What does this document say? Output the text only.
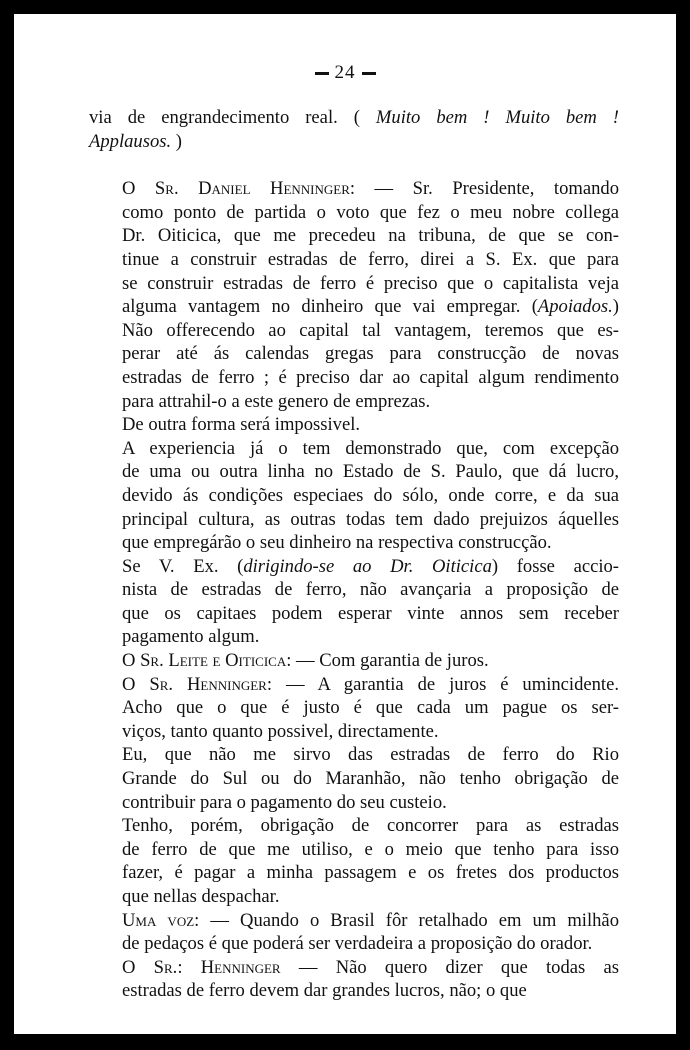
24

via de engrandecimento real. ( Muito bem ! Muito bem !
Applausos. )

O Sr. Daniel Henninger: — Sr. Presidente, tomando
como ponto de partida o voto que fez o meu nobre collega
Dr. Oiticica, que me precedeu na tribuna, de que se con-
tinue a construir estradas de ferro, direi a S. Ex. que para
se construir estradas de ferro é preciso que o capitalista veja
alguma vantagem no dinheiro que vai empregar. (Apoiados.)
Não offerecendo ao capital tal vantagem, teremos que es-
perar até ás calendas gregas para construcção de novas
estradas de ferro ; é preciso dar ao capital algum rendimento
para attrahil-o a este genero de emprezas.

De outra forma será impossivel.

A experiencia já o tem demonstrado que, com excepção
de uma ou outra linha no Estado de S. Paulo, que dá lucro,
devido ás condições especiaes do sólo, onde corre, e da sua
principal cultura, as outras todas tem dado prejuizos áquelles
que empregárão o seu dinheiro na respectiva construcção.

Se V. Ex. (dirigindo-se ao Dr. Oiticica) fosse accio-
nista de estradas de ferro, não avançaria a proposição de
que os capitaes podem esperar vinte annos sem receber
pagamento algum.

O Sr. Leite e Oiticica: — Com garantia de juros.

O Sr. Henninger: — A garantia de juros é umincidente.
Acho que o que é justo é que cada um pague os ser-
viços, tanto quanto possivel, directamente.

Eu, que não me sirvo das estradas de ferro do Rio
Grande do Sul ou do Maranhão, não tenho obrigação de
contribuir para o pagamento do seu custeio.

Tenho, porém, obrigação de concorrer para as estradas
de ferro de que me utiliso, e o meio que tenho para isso
fazer, é pagar a minha passagem e os fretes dos productos
que nellas despachar.

Uma voz: — Quando o Brasil fôr retalhado em um milhão
de pedaços é que poderá ser verdadeira a proposição do orador.

O Sr.: Henninger — Não quero dizer que todas as
estradas de ferro devem dar grandes lucros, não; o que
